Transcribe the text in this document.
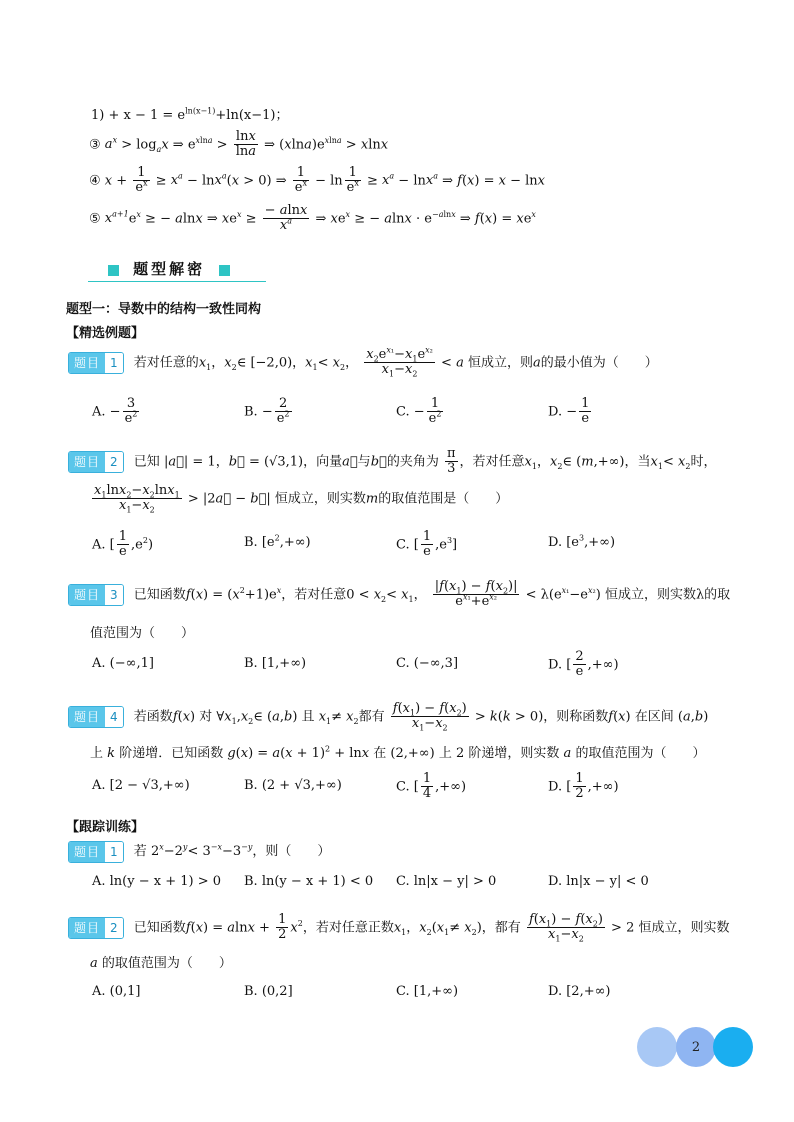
$1) + x - 1 = e^{ln(x-1)}+\ln(x-1)$；
③ $a^x > \log_ax$ ⇒ $e^{xlna} > \frac{\ln x}{\ln a}$ ⇒ $(xlna)e^{xlna} > xlnx$
④ $x + \frac{1}{e^x} \ge x^a - \ln x^a(x > 0)$ ⇒ $\frac{1}{e^x} - \ln \frac{1}{e^x} \ge x^a - \ln x^a$ ⇒ f(x) = x − lnx
⑤ $x^{a+1}e^x$ ≥ − alnx ⇒ $xe^x \ge \frac{- alnx}{x^a}$ ⇒ $xe^x$ ≥ − $alnx \cdot e^{-alnx}$ ⇒ $f(x) = xe^x$
题型解密
题型一：导数中的结构一致性同构
【精选例题】
题目 1	若对任意的$x_1$，$x_2\in$ [−2,0)，$x_1< x_2$， $\frac{x_2e^{x_1}-x_1e^{x_2}}{x_1-x_2} < a$ 恒成立，则a的最小值为（　　）
A. − $\frac{3}{e^2}$	B. − $\frac{2}{e^2}$	C. − $\frac{1}{e^2}$	D. − $\frac{1}{e}$
题目 2	已知 |a⃗| = 1，b⃗ = (√3,1)，向量a⃗与b⃗的夹角为 $\frac{\pi}{3}$ ，若对任意$x_1$，$x_2\in$ (m,+∞)，当$x_1< x_2$时，
$\frac{x_1\ln x_2-x_2\ln x_1}{x_1-x_2}$ > |2a⃗ − b⃗| 恒成立，则实数m的取值范围是（　　）
A. [ $\frac{1}{e} ,e^2$)	B. $[e^2,+\infty)$	C. [ $\frac{1}{e} ,e^3$]	D. $[e^3,+\infty)$
题目 3	已知函数$f(x) = (x^2+1)e^x$，若对任意$0 < x_2< x_1$， $\frac{|f(x_1) - f(x_2)|}{e^{x_1}+e^{x_2}} < \lambda(e^{x_1}-e^{x_2})$ 恒成立，则实数λ的取
值范围为（　　）
A. (−∞,1]	B. [1,+∞)	C. (−∞,3]	D. [ $\frac{2}{e}$ ,+∞)
题目 4	若函数f(x) 对 $\forall x_1,x_2\in$ (a,b) 且 $x_1\ne x_2$都有 $\frac{f(x_1) - f(x_2)}{x_1-x_2} > k(k > 0)$，则称函数f(x) 在区间 (a,b)
上 k 阶递增．已知函数 $g(x) = a(x + 1)^2 + \ln x$ 在 (2,+∞) 上 2 阶递增，则实数 a 的取值范围为（　　）
A. [2 − √3,+∞)	B. (2 + √3,+∞)	C. [ $\frac{1}{4}$ ,+∞)	D. [ $\frac{1}{2}$ ,+∞)
【跟踪训练】
题目 1	若 $2^x-2^y< 3^{-x}-3^{-y}$，则（　　）
A. ln(y − x + 1) > 0 B. ln(y − x + 1) < 0 C. ln|x − y| > 0	D. ln|x − y| < 0
题目 2	已知函数$f(x) = alnx + \frac{1}{2} x^2$，若对任意正数$x_1$，$x_2(x_1\ne x_2)$，都有 $\frac{f(x_1) - f(x_2)}{x_1-x_2} > 2$ 恒成立，则实数
a 的取值范围为（　　）
A. (0,1]	B. (0,2]	C. [1,+∞)	D. [2,+∞)
2
